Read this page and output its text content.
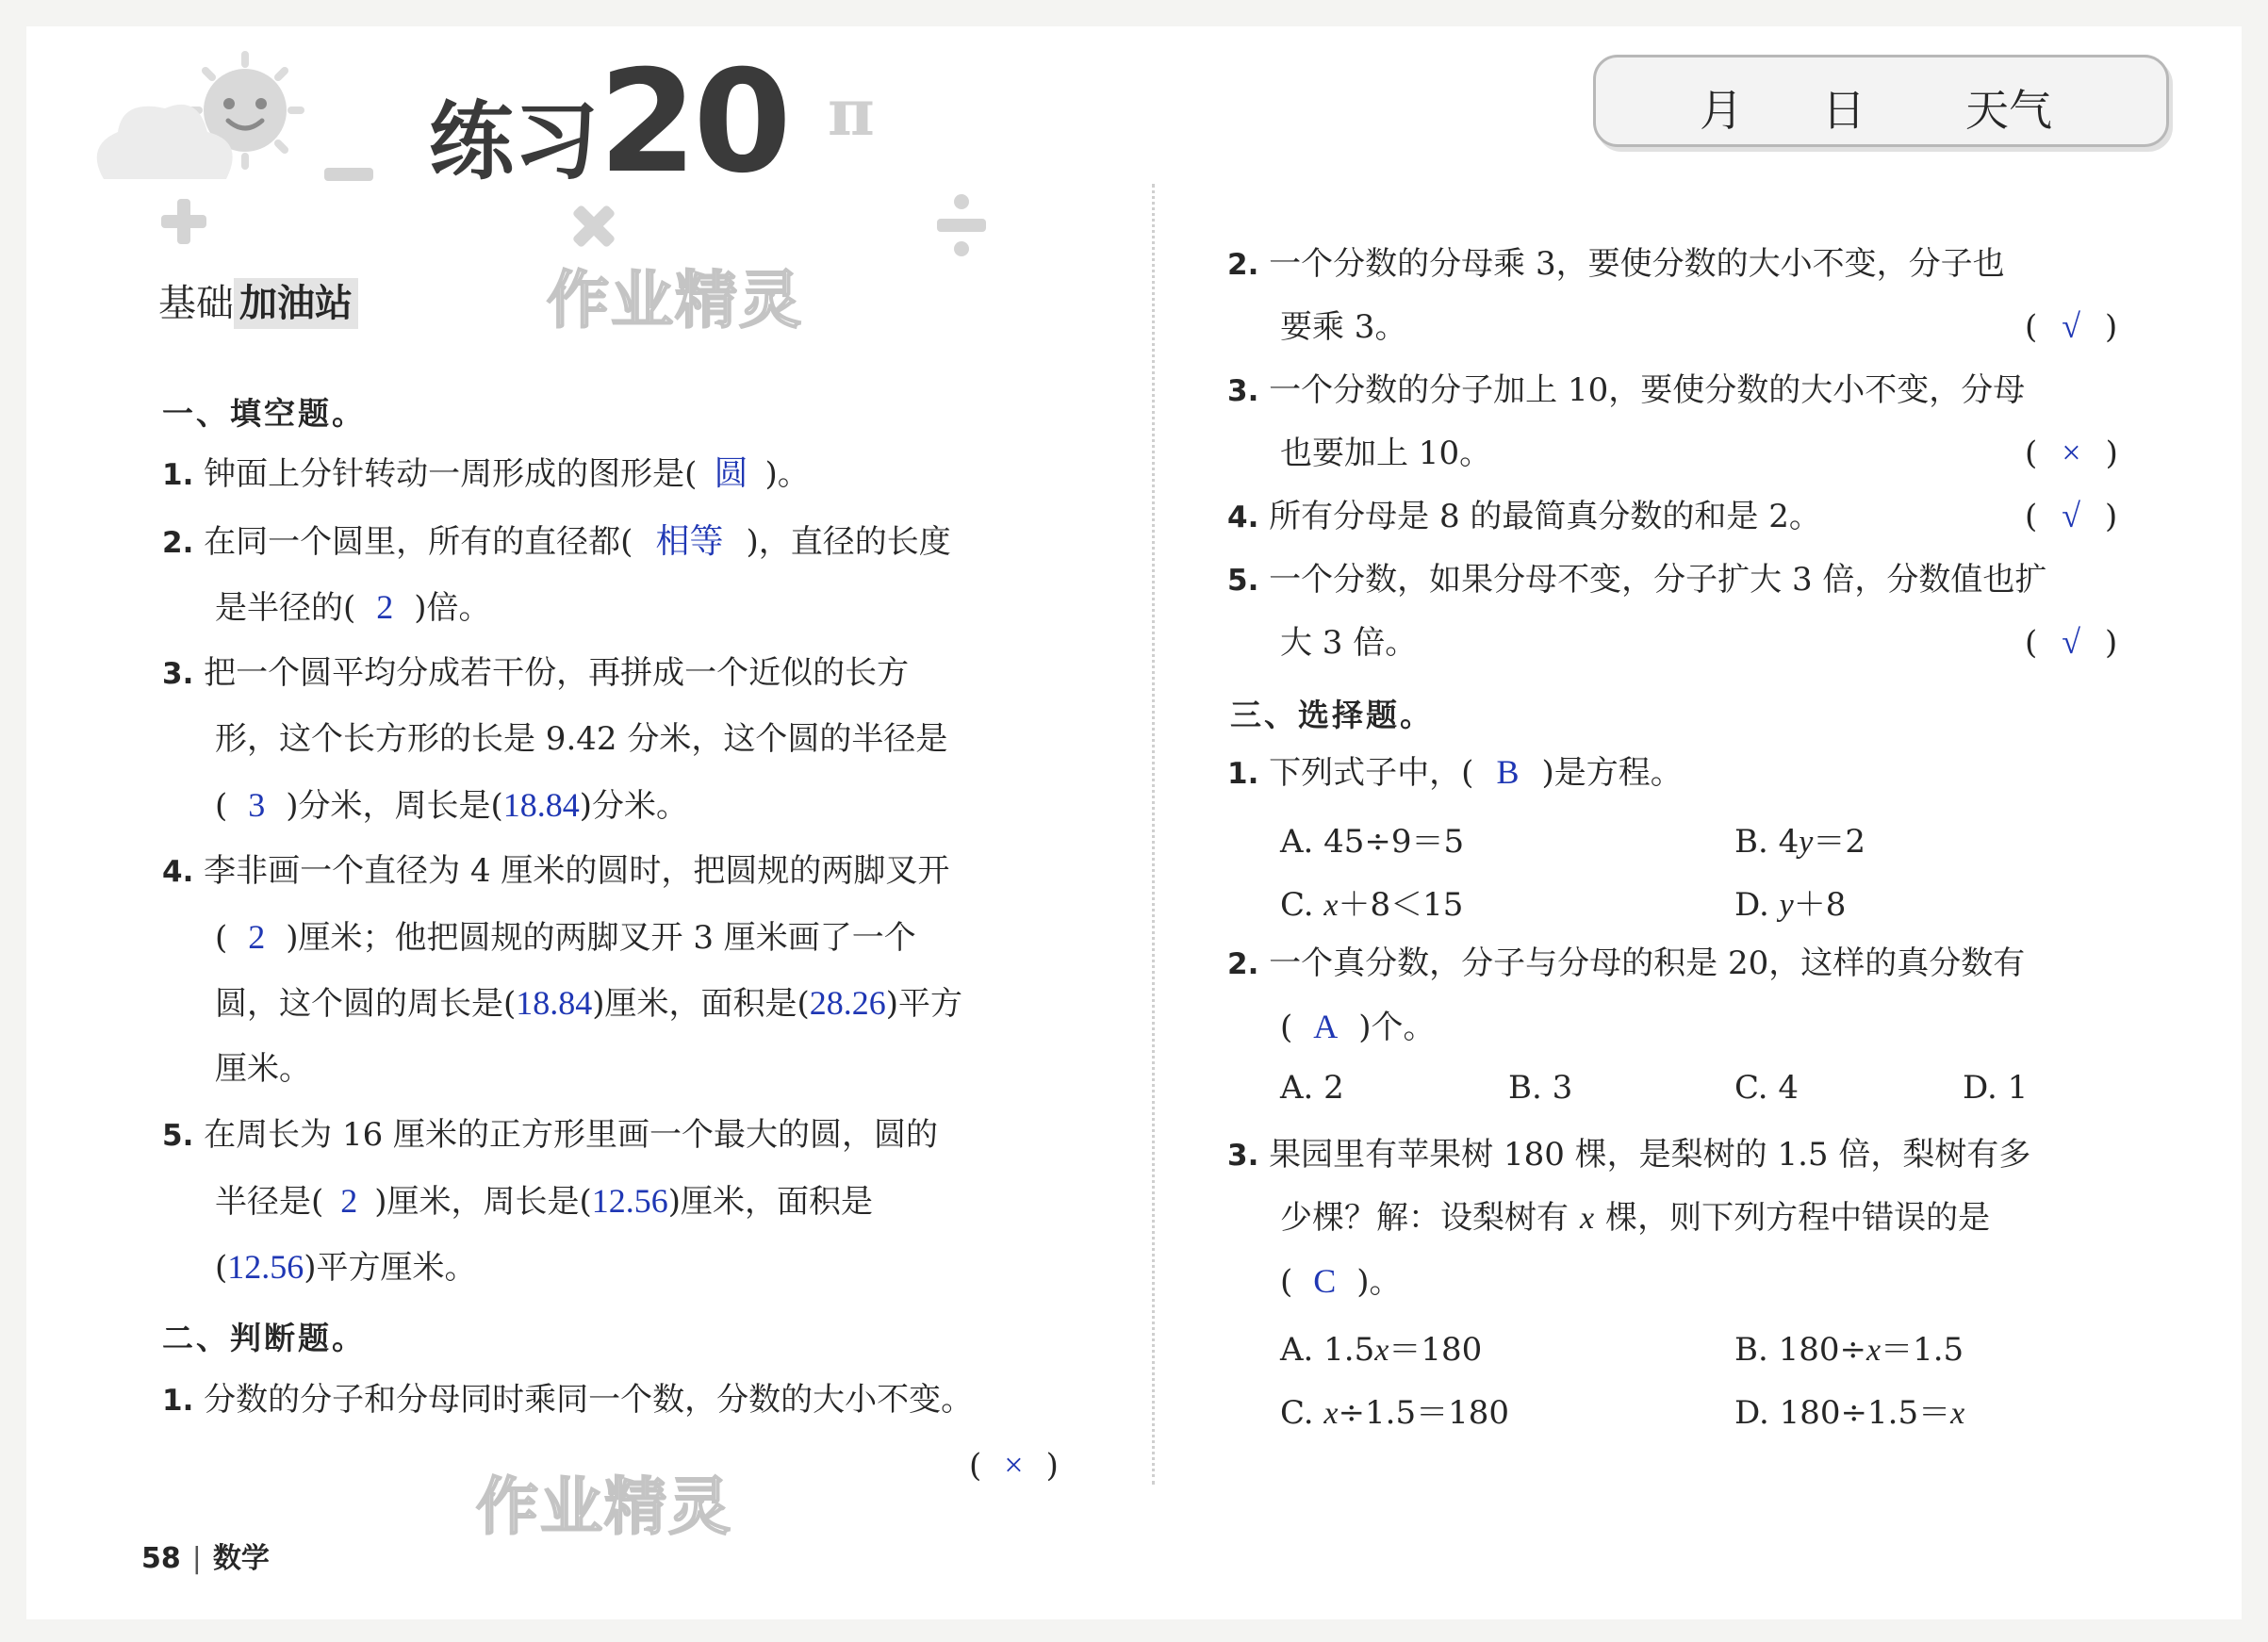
π
练习20	月 日 天气
基础 加油站	作业精灵
作业精灵
一、填空题。
1. 钟面上分针转动一周形成的图形是( 圆 )。
2. 在同一个圆里，所有的直径都( 相等 )，直径的长度
是半径的( 2 )倍。
3. 把一个圆平均分成若干份，再拼成一个近似的长方
形，这个长方形的长是 9.42 分米，这个圆的半径是
( 3 )分米，周长是(18.84)分米。
4. 李非画一个直径为 4 厘米的圆时，把圆规的两脚叉开
( 2 )厘米；他把圆规的两脚叉开 3 厘米画了一个
圆，这个圆的周长是(18.84)厘米，面积是(28.26)平方
厘米。
5. 在周长为 16 厘米的正方形里画一个最大的圆，圆的
半径是( 2 )厘米，周长是(12.56)厘米，面积是
(12.56)平方厘米。
二、判断题。
1. 分数的分子和分母同时乘同一个数，分数的大小不变。
( × )
58 | 数学
2. 一个分数的分母乘 3，要使分数的大小不变，分子也
要乘 3。	( √ )
3. 一个分数的分子加上 10，要使分数的大小不变，分母
也要加上 10。	( × )
4. 所有分母是 8 的最简真分数的和是 2。	( √ )
5. 一个分数，如果分母不变，分子扩大 3 倍，分数值也扩
大 3 倍。	( √ )
三、选择题。
1. 下列式子中，( B )是方程。
A. 45÷9＝5	B. 4y＝2
C. x＋8＜15	D. y＋8
2. 一个真分数，分子与分母的积是 20，这样的真分数有
( A )个。
A. 2	B. 3	C. 4	D. 1
3. 果园里有苹果树 180 棵，是梨树的 1.5 倍，梨树有多
少棵？解：设梨树有 x 棵，则下列方程中错误的是
( C )。
A. 1.5x＝180	B. 180÷x＝1.5
C. x÷1.5＝180	D. 180÷1.5＝x
